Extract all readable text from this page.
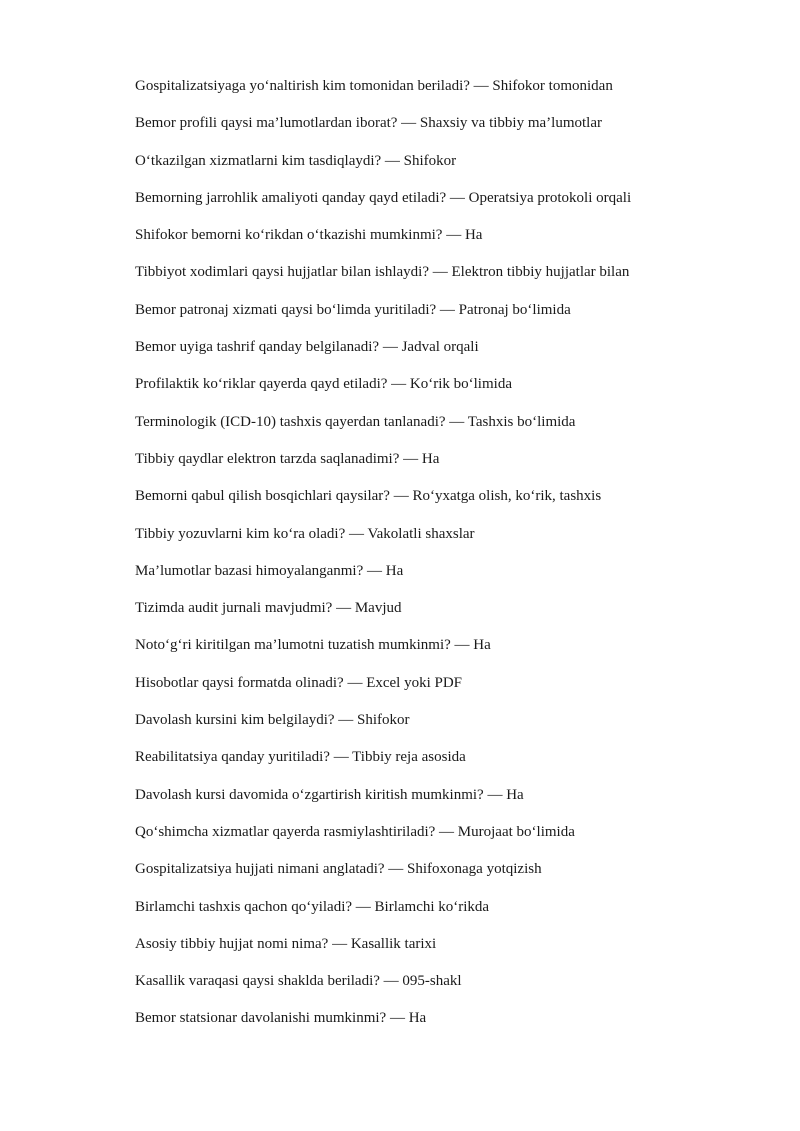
Gospitalizatsiyaga yo‘naltirish kim tomonidan beriladi? — Shifokor tomonidan
Bemor profili qaysi ma’lumotlardan iborat? — Shaxsiy va tibbiy ma’lumotlar
O‘tkazilgan xizmatlarni kim tasdiqlaydi? — Shifokor
Bemorning jarrohlik amaliyoti qanday qayd etiladi? — Operatsiya protokoli orqali
Shifokor bemorni ko‘rikdan o‘tkazishi mumkinmi? — Ha
Tibbiyot xodimlari qaysi hujjatlar bilan ishlaydi? — Elektron tibbiy hujjatlar bilan
Bemor patronaj xizmati qaysi bo‘limda yuritiladi? — Patronaj bo‘limida
Bemor uyiga tashrif qanday belgilanadi? — Jadval orqali
Profilaktik ko‘riklar qayerda qayd etiladi? — Ko‘rik bo‘limida
Terminologik (ICD-10) tashxis qayerdan tanlanadi? — Tashxis bo‘limida
Tibbiy qaydlar elektron tarzda saqlanadimi? — Ha
Bemorni qabul qilish bosqichlari qaysilar? — Ro‘yxatga olish, ko‘rik, tashxis
Tibbiy yozuvlarni kim ko‘ra oladi? — Vakolatli shaxslar
Ma’lumotlar bazasi himoyalanganmi? — Ha
Tizimda audit jurnali mavjudmi? — Mavjud
Noto‘g‘ri kiritilgan ma’lumotni tuzatish mumkinmi? — Ha
Hisobotlar qaysi formatda olinadi? — Excel yoki PDF
Davolash kursini kim belgilaydi? — Shifokor
Reabilitatsiya qanday yuritiladi? — Tibbiy reja asosida
Davolash kursi davomida o‘zgartirish kiritish mumkinmi? — Ha
Qo‘shimcha xizmatlar qayerda rasmiylashtiriladi? — Murojaat bo‘limida
Gospitalizatsiya hujjati nimani anglatadi? — Shifoxonaga yotqizish
Birlamchi tashxis qachon qo‘yiladi? — Birlamchi ko‘rikda
Asosiy tibbiy hujjat nomi nima? — Kasallik tarixi
Kasallik varaqasi qaysi shaklda beriladi? — 095-shakl
Bemor statsionar davolanishi mumkinmi? — Ha
